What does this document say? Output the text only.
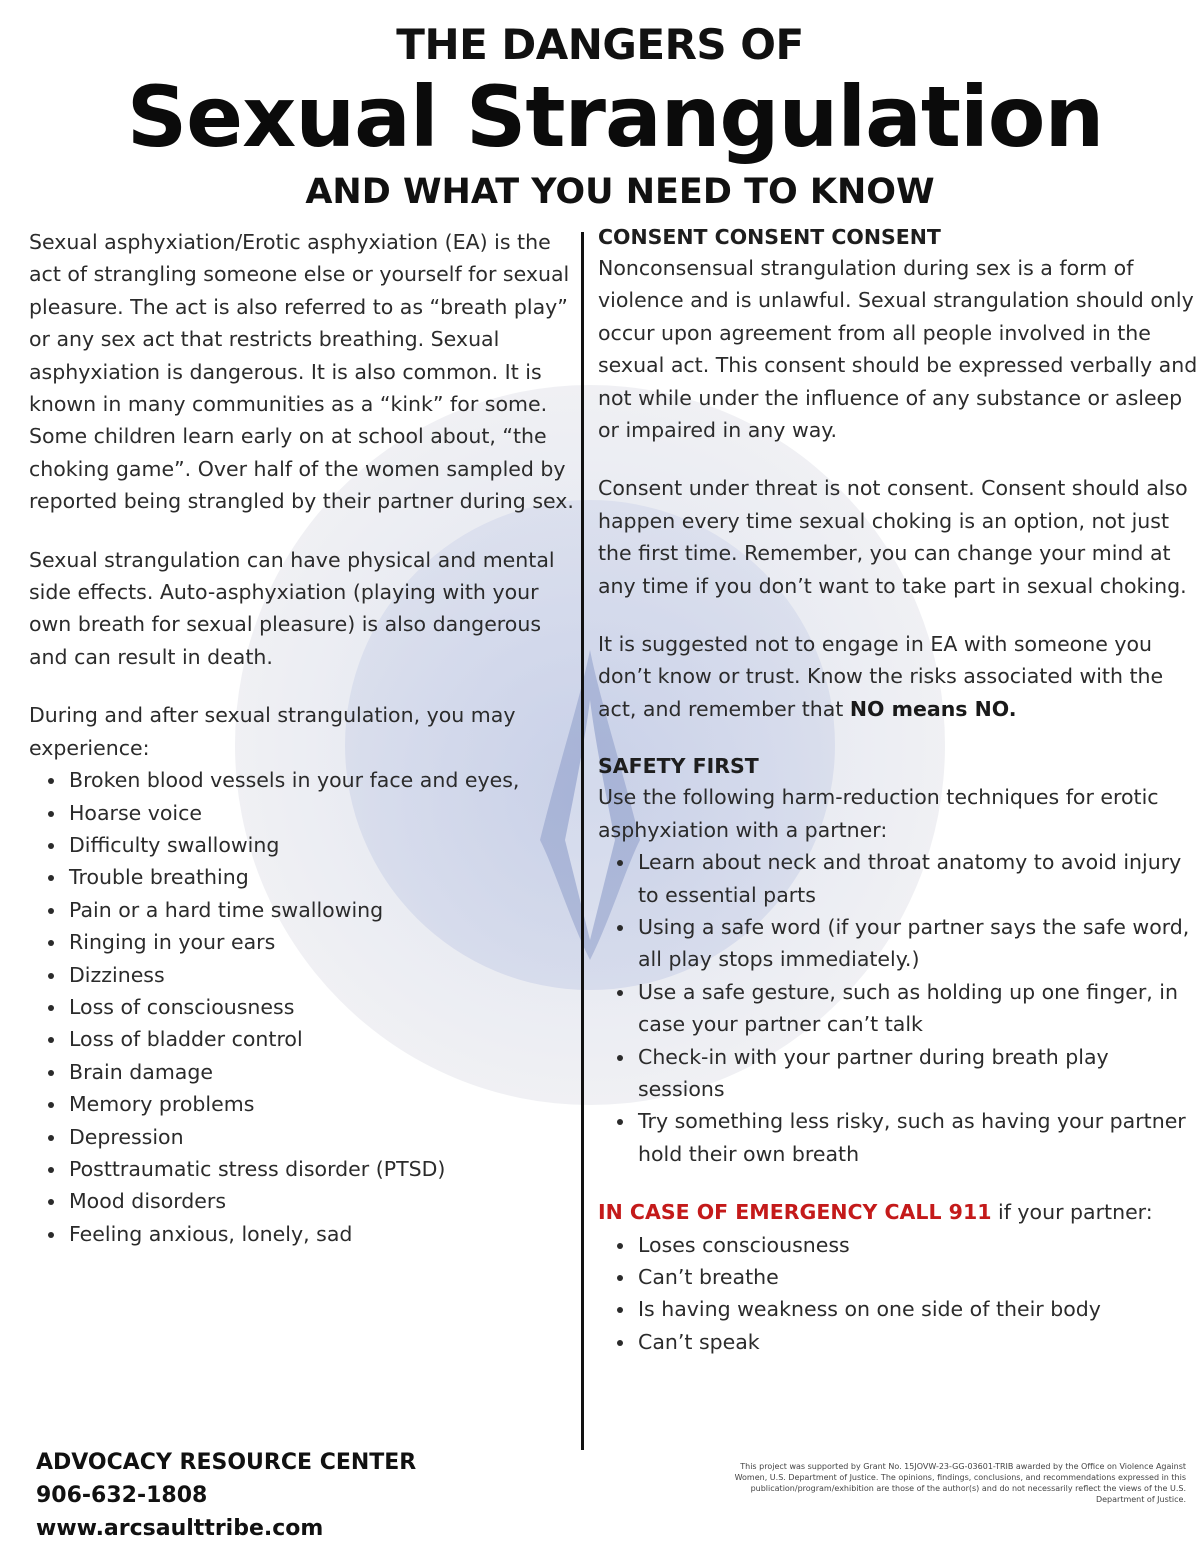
THE DANGERS OF
Sexual Strangulation
AND WHAT YOU NEED TO KNOW

Sexual asphyxiation/Erotic asphyxiation (EA) is the act of strangling someone else or yourself for sexual pleasure. The act is also referred to as “breath play” or any sex act that restricts breathing. Sexual asphyxiation is dangerous. It is also common. It is known in many communities as a “kink” for some. Some children learn early on at school about, “the choking game”. Over half of the women sampled by reported being strangled by their partner during sex.

Sexual strangulation can have physical and mental side effects. Auto-asphyxiation (playing with your own breath for sexual pleasure) is also dangerous and can result in death.

During and after sexual strangulation, you may experience:

• Broken blood vessels in your face and eyes,
• Hoarse voice
• Difficulty swallowing
• Trouble breathing
• Pain or a hard time swallowing
• Ringing in your ears
• Dizziness
• Loss of consciousness
• Loss of bladder control
• Brain damage
• Memory problems
• Depression
• Posttraumatic stress disorder (PTSD)
• Mood disorders
• Feeling anxious, lonely, sad
CONSENT CONSENT CONSENT

Nonconsensual strangulation during sex is a form of violence and is unlawful. Sexual strangulation should only occur upon agreement from all people involved in the sexual act. This consent should be expressed verbally and not while under the influence of any substance or asleep or impaired in any way.

Consent under threat is not consent. Consent should also happen every time sexual choking is an option, not just the first time. Remember, you can change your mind at any time if you don’t want to take part in sexual choking.

It is suggested not to engage in EA with someone you don’t know or trust. Know the risks associated with the act, and remember that NO means NO.

SAFETY FIRST

Use the following harm-reduction techniques for erotic asphyxiation with a partner:

• Learn about neck and throat anatomy to avoid injury to essential parts
• Using a safe word (if your partner says the safe word, all play stops immediately.)
• Use a safe gesture, such as holding up one finger, in case your partner can’t talk
• Check-in with your partner during breath play sessions
• Try something less risky, such as having your partner hold their own breath

IN CASE OF EMERGENCY CALL 911 if your partner:

• Loses consciousness
• Can’t breathe
• Is having weakness on one side of their body
• Can’t speak
ADVOCACY RESOURCE CENTER
906-632-1808
www.arcsaulttribe.com
This project was supported by Grant No. 15JOVW-23-GG-03601-TRIB awarded by the Office on Violence Against Women, U.S. Department of Justice. The opinions, findings, conclusions, and recommendations expressed in this publication/program/exhibition are those of the author(s) and do not necessarily reflect the views of the U.S. Department of Justice.
